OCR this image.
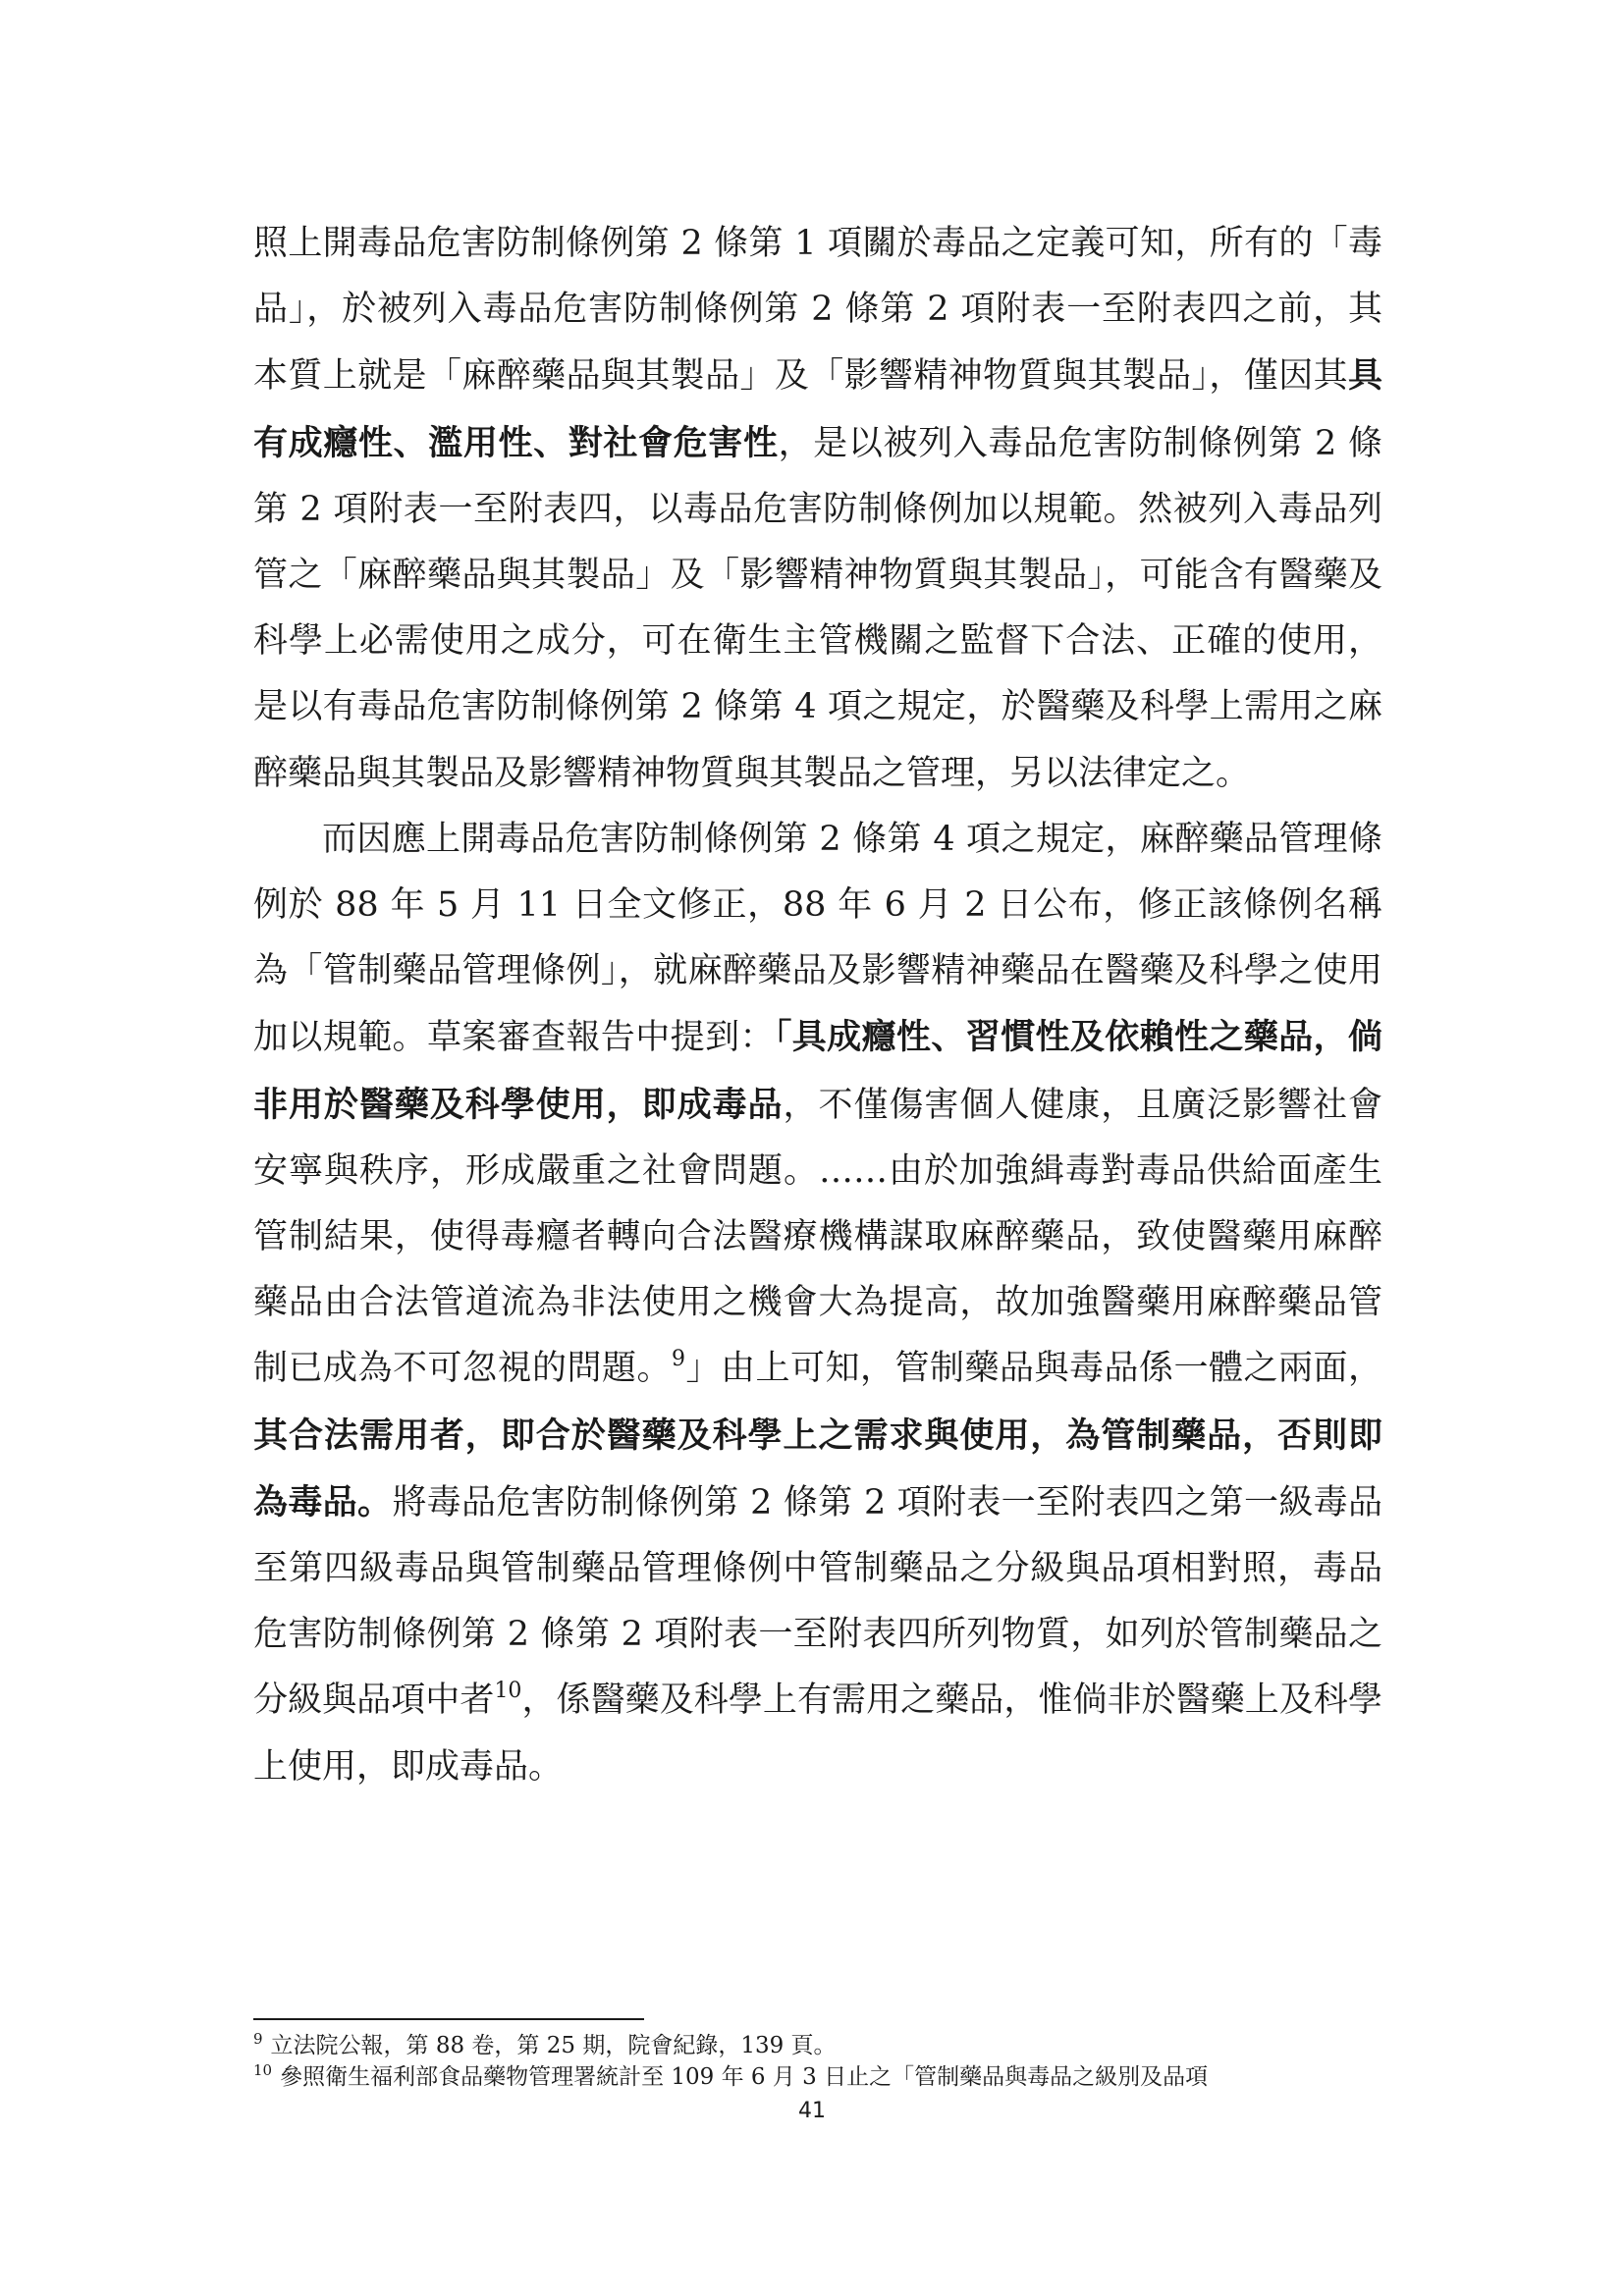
照上開毒品危害防制條例第 2 條第 1 項關於毒品之定義可知，所有的「毒品」，於被列入毒品危害防制條例第 2 條第 2 項附表一至附表四之前，其本質上就是「麻醉藥品與其製品」及「影響精神物質與其製品」，僅因其具有成癮性、濫用性、對社會危害性，是以被列入毒品危害防制條例第 2 條第 2 項附表一至附表四，以毒品危害防制條例加以規範。然被列入毒品列管之「麻醉藥品與其製品」及「影響精神物質與其製品」，可能含有醫藥及科學上必需使用之成分，可在衛生主管機關之監督下合法、正確的使用，是以有毒品危害防制條例第 2 條第 4 項之規定，於醫藥及科學上需用之麻醉藥品與其製品及影響精神物質與其製品之管理，另以法律定之。

而因應上開毒品危害防制條例第 2 條第 4 項之規定，麻醉藥品管理條例於 88 年 5 月 11 日全文修正，88 年 6 月 2 日公布，修正該條例名稱為「管制藥品管理條例」，就麻醉藥品及影響精神藥品在醫藥及科學之使用加以規範。草案審查報告中提到：「具成癮性、習慣性及依賴性之藥品，倘非用於醫藥及科學使用，即成毒品，不僅傷害個人健康，且廣泛影響社會安寧與秩序，形成嚴重之社會問題。……由於加強緝毒對毒品供給面產生管制結果，使得毒癮者轉向合法醫療機構謀取麻醉藥品，致使醫藥用麻醉藥品由合法管道流為非法使用之機會大為提高，故加強醫藥用麻醉藥品管制已成為不可忽視的問題。$^9$」由上可知，管制藥品與毒品係一體之兩面，其合法需用者，即合於醫藥及科學上之需求與使用，為管制藥品，否則即為毒品。將毒品危害防制條例第 2 條第 2 項附表一至附表四之第一級毒品至第四級毒品與管制藥品管理條例中管制藥品之分級與品項相對照，毒品危害防制條例第 2 條第 2 項附表一至附表四所列物質，如列於管制藥品之分級與品項中者$^{10}$，係醫藥及科學上有需用之藥品，惟倘非於醫藥上及科學上使用，即成毒品。

$^9$ 立法院公報，第 88 卷，第 25 期，院會紀錄，139 頁。

$^{10}$ 參照衛生福利部食品藥物管理署統計至 109 年 6 月 3 日止之「管制藥品與毒品之級別及品項

41
